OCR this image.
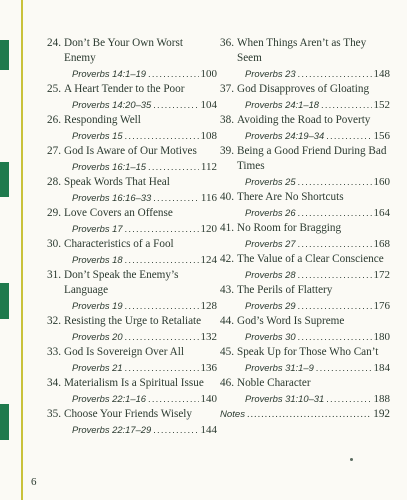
24. Don’t Be Your Own Worst Enemy
Proverbs 14:1–19 .....	100
25. A Heart Tender to the Poor
Proverbs 14:20–35 .....	104
26. Responding Well
Proverbs 15 .....	108
27. God Is Aware of Our Motives
Proverbs 16:1–15 .....	112
28. Speak Words That Heal
Proverbs 16:16–33 .....	116
29. Love Covers an Offense
Proverbs 17 .....	120
30. Characteristics of a Fool
Proverbs 18 .....	124
31. Don’t Speak the Enemy’s Language
Proverbs 19 .....	128
32. Resisting the Urge to Retaliate
Proverbs 20 .....	132
33. God Is Sovereign Over All
Proverbs 21 .....	136
34. Materialism Is a Spiritual Issue
Proverbs 22:1–16 .....	140
35. Choose Your Friends Wisely
Proverbs 22:17–29 .....	144
36. When Things Aren’t as They Seem
Proverbs 23 .....	148
37. God Disapproves of Gloating
Proverbs 24:1–18 .....	152
38. Avoiding the Road to Poverty
Proverbs 24:19–34 .....	156
39. Being a Good Friend During Bad Times
Proverbs 25 .....	160
40. There Are No Shortcuts
Proverbs 26 .....	164
41. No Room for Bragging
Proverbs 27 .....	168
42. The Value of a Clear Conscience
Proverbs 28 .....	172
43. The Perils of Flattery
Proverbs 29 .....	176
44. God’s Word Is Supreme
Proverbs 30 .....	180
45. Speak Up for Those Who Can’t
Proverbs 31:1–9 .....	184
46. Noble Character
Proverbs 31:10–31 .....	188
Notes .....	192
6
